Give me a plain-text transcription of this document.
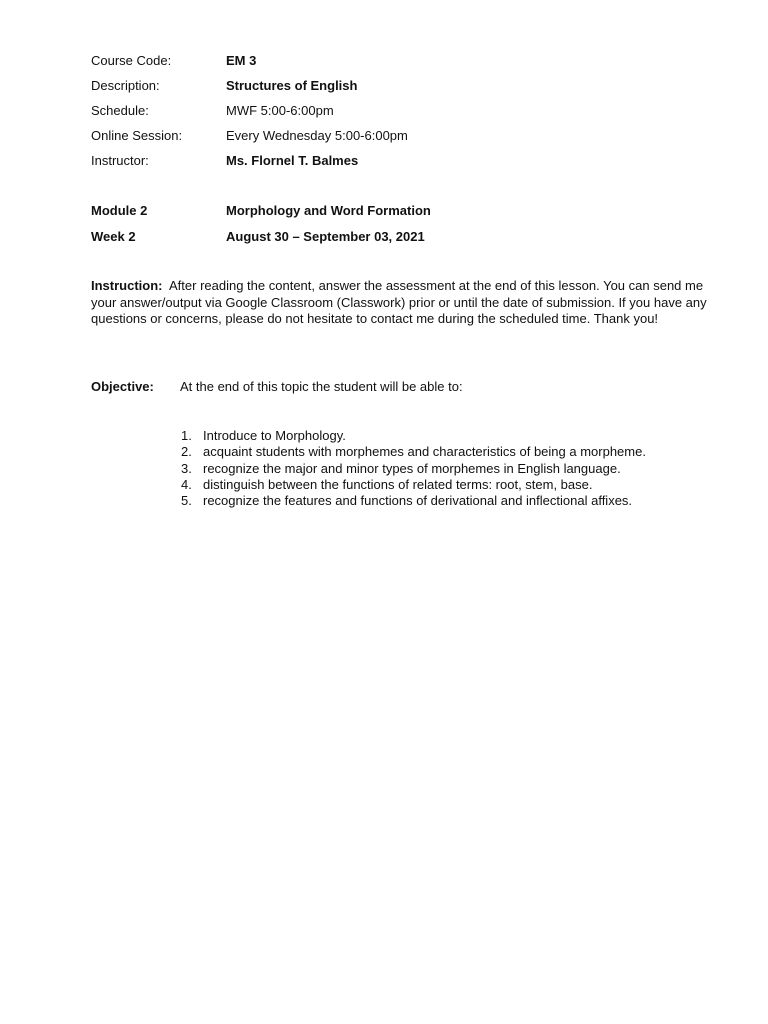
Course Code:	EM 3
Description:	Structures of English
Schedule:	MWF 5:00-6:00pm
Online Session:	Every Wednesday 5:00-6:00pm
Instructor:	Ms. Flornel T. Balmes
Module 2	Morphology and Word Formation
Week 2	August 30 – September 03, 2021
Instruction: After reading the content, answer the assessment at the end of this lesson. You can send me your answer/output via Google Classroom (Classwork) prior or until the date of submission. If you have any questions or concerns, please do not hesitate to contact me during the scheduled time. Thank you!
Objective: At the end of this topic the student will be able to:
1. Introduce to Morphology.
2. acquaint students with morphemes and characteristics of being a morpheme.
3. recognize the major and minor types of morphemes in English language.
4. distinguish between the functions of related terms: root, stem, base.
5. recognize the features and functions of derivational and inflectional affixes.
